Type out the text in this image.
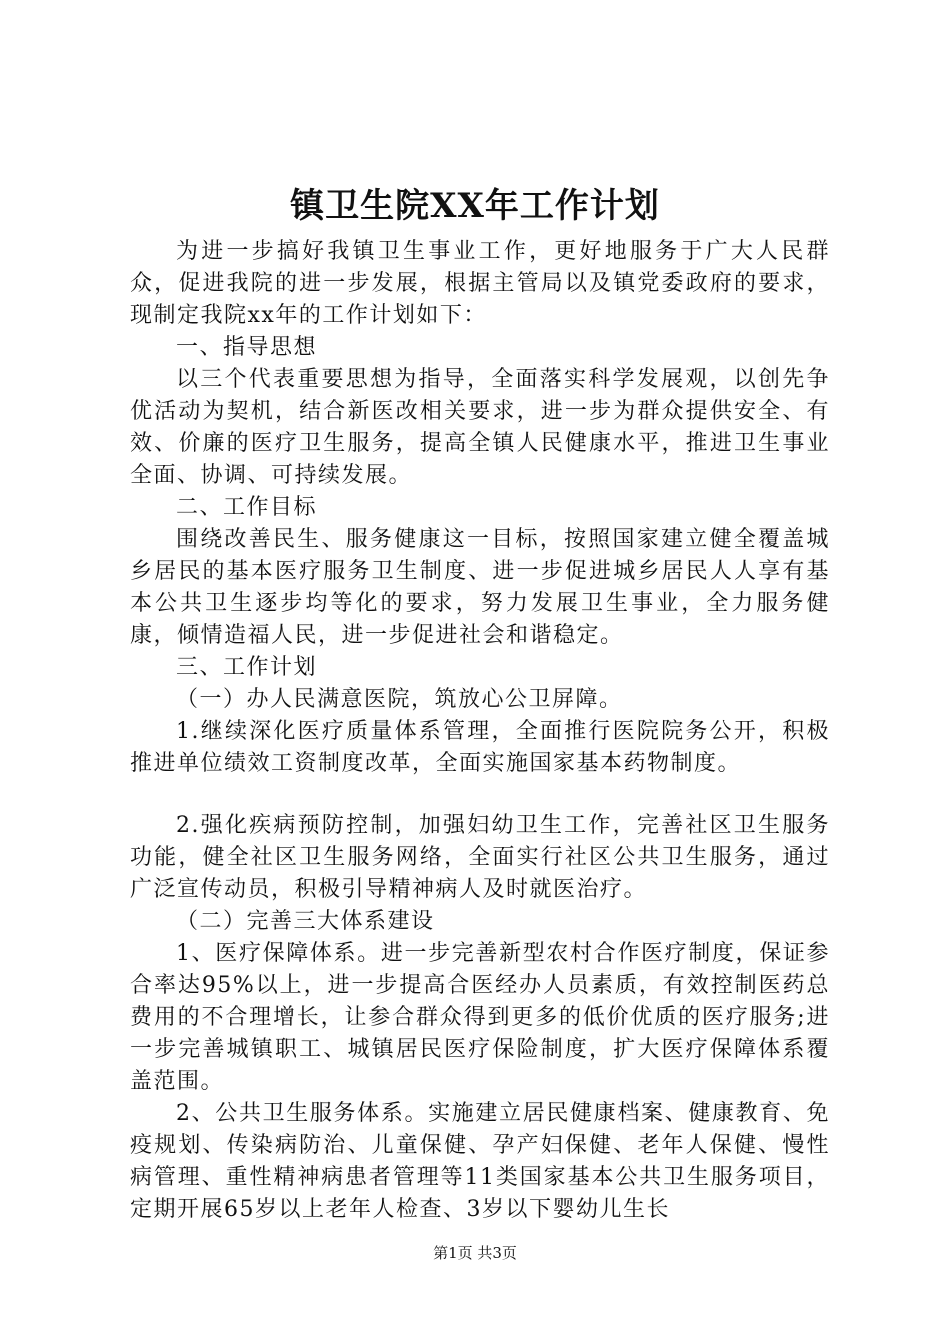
镇卫生院XX年工作计划

为进一步搞好我镇卫生事业工作，更好地服务于广大人民群众，促进我院的进一步发展，根据主管局以及镇党委政府的要求，现制定我院xx年的工作计划如下：

一、指导思想

以三个代表重要思想为指导，全面落实科学发展观，以创先争优活动为契机，结合新医改相关要求，进一步为群众提供安全、有效、价廉的医疗卫生服务，提高全镇人民健康水平，推进卫生事业全面、协调、可持续发展。

二、工作目标

围绕改善民生、服务健康这一目标，按照国家建立健全覆盖城乡居民的基本医疗服务卫生制度、进一步促进城乡居民人人享有基本公共卫生逐步均等化的要求，努力发展卫生事业，全力服务健康，倾情造福人民，进一步促进社会和谐稳定。

三、工作计划

（一）办人民满意医院，筑放心公卫屏障。

1.继续深化医疗质量体系管理，全面推行医院院务公开，积极推进单位绩效工资制度改革，全面实施国家基本药物制度。

2.强化疾病预防控制，加强妇幼卫生工作，完善社区卫生服务功能，健全社区卫生服务网络，全面实行社区公共卫生服务，通过广泛宣传动员，积极引导精神病人及时就医治疗。

（二）完善三大体系建设

1、医疗保障体系。进一步完善新型农村合作医疗制度，保证参合率达95%以上，进一步提高合医经办人员素质，有效控制医药总费用的不合理增长，让参合群众得到更多的低价优质的医疗服务;进一步完善城镇职工、城镇居民医疗保险制度，扩大医疗保障体系覆盖范围。

2、公共卫生服务体系。实施建立居民健康档案、健康教育、免疫规划、传染病防治、儿童保健、孕产妇保健、老年人保健、慢性病管理、重性精神病患者管理等11类国家基本公共卫生服务项目，定期开展65岁以上老年人检查、3岁以下婴幼儿生长

第1页 共3页
